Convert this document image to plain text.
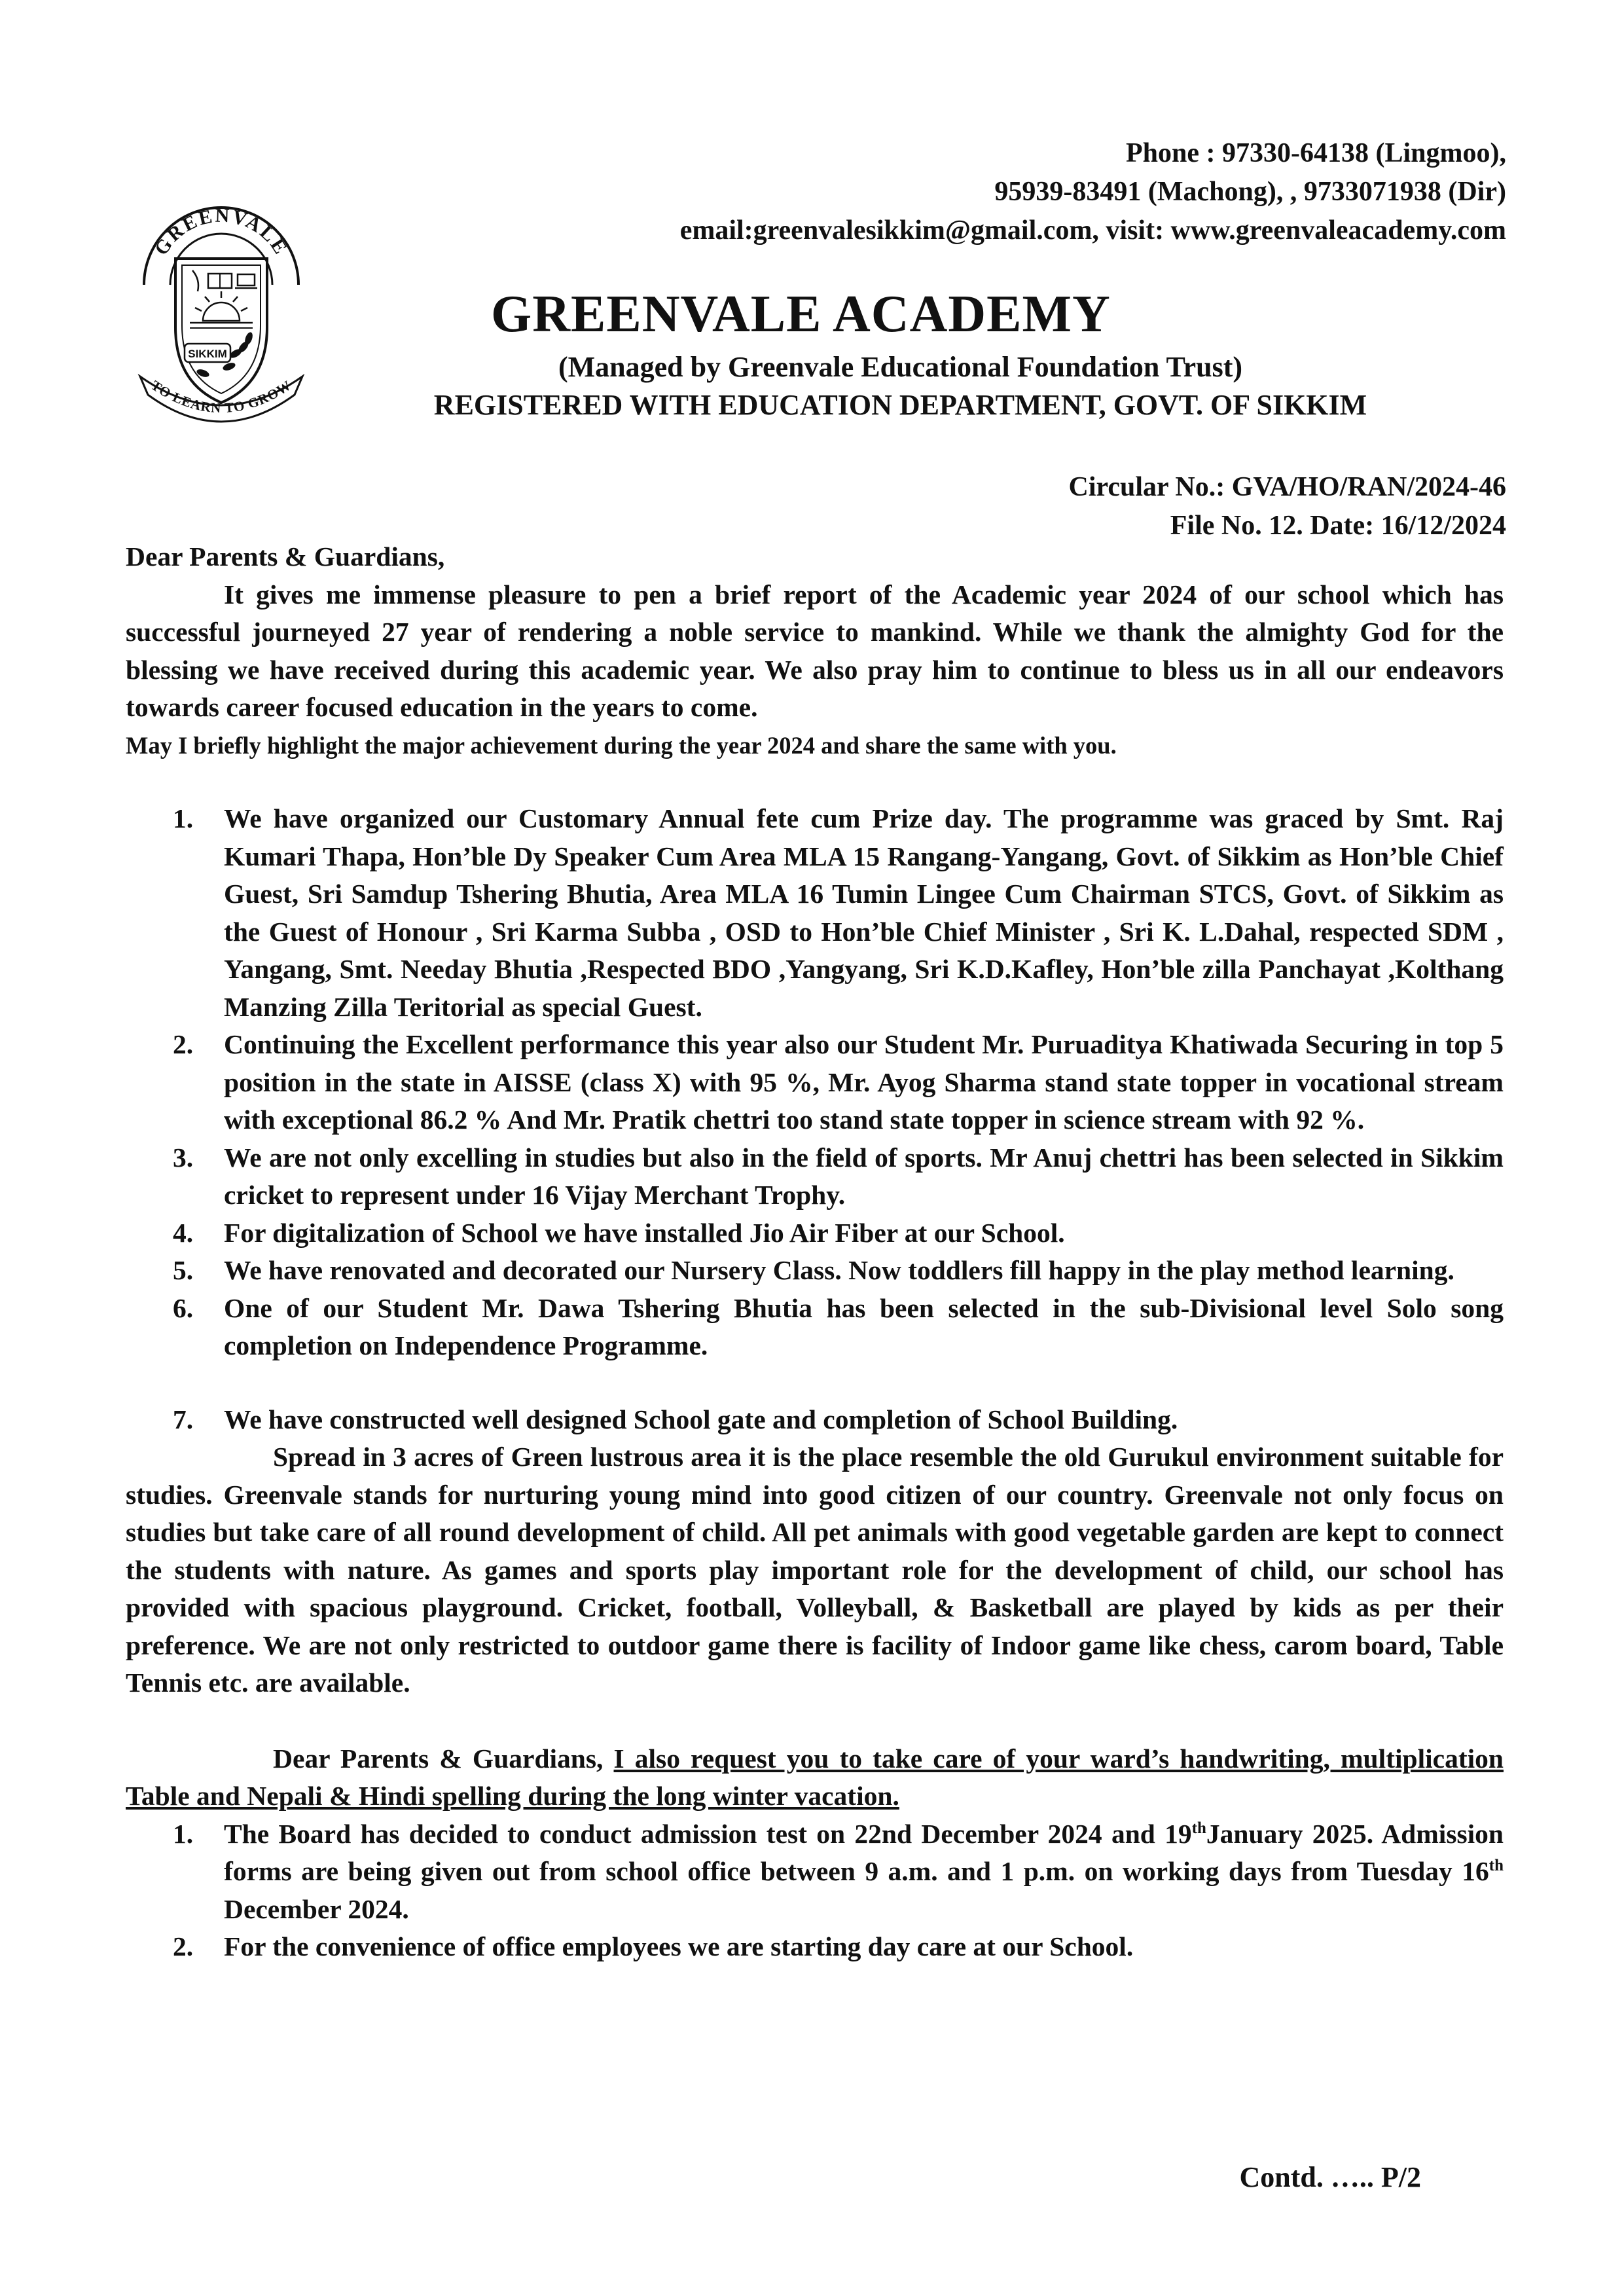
Phone : 97330-64138 (Lingmoo),
95939-83491 (Machong), , 9733071938 (Dir)
email:greenvalesikkim@gmail.com, visit: www.greenvaleacademy.com
GREENVALE
SIKKIM
TO LEARN TO GROW
GREENVALE ACADEMY
(Managed by Greenvale Educational Foundation Trust)
REGISTERED WITH EDUCATION DEPARTMENT, GOVT. OF SIKKIM
Circular No.: GVA/HO/RAN/2024-46
File No. 12. Date: 16/12/2024

Dear Parents & Guardians,

It gives me immense pleasure to pen a brief report of the Academic year 2024 of our school which has successful journeyed 27 year of rendering a noble service to mankind. While we thank the almighty God for the blessing we have received during this academic year. We also pray him to continue to bless us in all our endeavors towards career focused education in the years to come.

May I briefly highlight the major achievement during the year 2024 and share the same with you.

1. We have organized our Customary Annual fete cum Prize day. The programme was graced by Smt. Raj Kumari Thapa, Hon’ble Dy Speaker Cum Area MLA 15 Rangang-Yangang, Govt. of Sikkim as Hon’ble Chief Guest, Sri Samdup Tshering Bhutia, Area MLA 16 Tumin Lingee Cum Chairman STCS, Govt. of Sikkim as the Guest of Honour , Sri Karma Subba , OSD to Hon’ble Chief Minister , Sri K. L.Dahal, respected SDM , Yangang, Smt. Needay Bhutia ,Respected BDO ,Yangyang, Sri K.D.Kafley, Hon’ble zilla Panchayat ,Kolthang Manzing Zilla Teritorial as special Guest.
2. Continuing the Excellent performance this year also our Student Mr. Puruaditya Khatiwada Securing in top 5 position in the state in AISSE (class X) with 95 %, Mr. Ayog Sharma stand state topper in vocational stream with exceptional 86.2 % And Mr. Pratik chettri too stand state topper in science stream with 92 %.
3. We are not only excelling in studies but also in the field of sports. Mr Anuj chettri has been selected in Sikkim cricket to represent under 16 Vijay Merchant Trophy.
4. For digitalization of School we have installed Jio Air Fiber at our School.
5. We have renovated and decorated our Nursery Class. Now toddlers fill happy in the play method learning.
6. One of our Student Mr. Dawa Tshering Bhutia has been selected in the sub-Divisional level Solo song completion on Independence Programme.
7. We have constructed well designed School gate and completion of School Building.

Spread in 3 acres of Green lustrous area it is the place resemble the old Gurukul environment suitable for studies. Greenvale stands for nurturing young mind into good citizen of our country. Greenvale not only focus on studies but take care of all round development of child. All pet animals with good vegetable garden are kept to connect the students with nature. As games and sports play important role for the development of child, our school has provided with spacious playground. Cricket, football, Volleyball, & Basketball are played by kids as per their preference. We are not only restricted to outdoor game there is facility of Indoor game like chess, carom board, Table Tennis etc. are available.

Dear Parents & Guardians, I also request you to take care of your ward’s handwriting, multiplication Table and Nepali & Hindi spelling during the long winter vacation.

1. The Board has decided to conduct admission test on 22nd December 2024 and 19thJanuary 2025. Admission forms are being given out from school office between 9 a.m. and 1 p.m. on working days from Tuesday 16th December 2024.
2. For the convenience of office employees we are starting day care at our School.
Contd. ….. P/2
